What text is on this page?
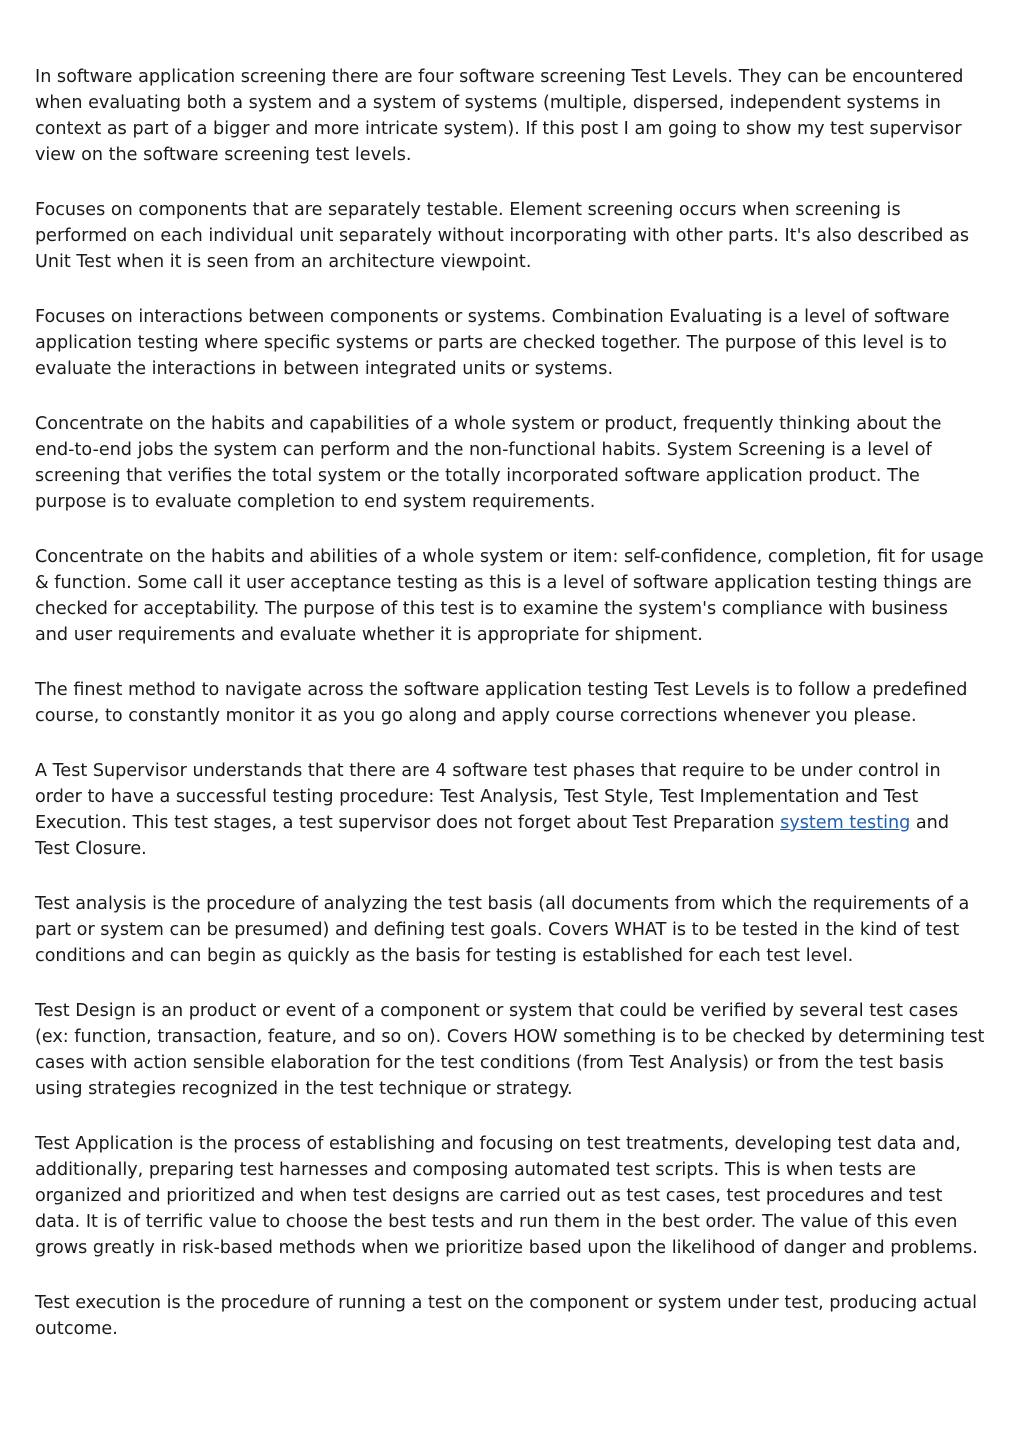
In software application screening there are four software screening Test Levels. They can be encountered when evaluating both a system and a system of systems (multiple, dispersed, independent systems in context as part of a bigger and more intricate system). If this post I am going to show my test supervisor view on the software screening test levels.

Focuses on components that are separately testable. Element screening occurs when screening is performed on each individual unit separately without incorporating with other parts. It's also described as Unit Test when it is seen from an architecture viewpoint.

Focuses on interactions between components or systems. Combination Evaluating is a level of software application testing where specific systems or parts are checked together. The purpose of this level is to evaluate the interactions in between integrated units or systems.

Concentrate on the habits and capabilities of a whole system or product, frequently thinking about the end-to-end jobs the system can perform and the non-functional habits. System Screening is a level of screening that verifies the total system or the totally incorporated software application product. The purpose is to evaluate completion to end system requirements.

Concentrate on the habits and abilities of a whole system or item: self-confidence, completion, fit for usage & function. Some call it user acceptance testing as this is a level of software application testing things are checked for acceptability. The purpose of this test is to examine the system's compliance with business and user requirements and evaluate whether it is appropriate for shipment.

The finest method to navigate across the software application testing Test Levels is to follow a predefined course, to constantly monitor it as you go along and apply course corrections whenever you please.

A Test Supervisor understands that there are 4 software test phases that require to be under control in order to have a successful testing procedure: Test Analysis, Test Style, Test Implementation and Test Execution. This test stages, a test supervisor does not forget about Test Preparation system testing and Test Closure.

Test analysis is the procedure of analyzing the test basis (all documents from which the requirements of a part or system can be presumed) and defining test goals. Covers WHAT is to be tested in the kind of test conditions and can begin as quickly as the basis for testing is established for each test level.

Test Design is an product or event of a component or system that could be verified by several test cases (ex: function, transaction, feature, and so on). Covers HOW something is to be checked by determining test cases with action sensible elaboration for the test conditions (from Test Analysis) or from the test basis using strategies recognized in the test technique or strategy.

Test Application is the process of establishing and focusing on test treatments, developing test data and, additionally, preparing test harnesses and composing automated test scripts. This is when tests are organized and prioritized and when test designs are carried out as test cases, test procedures and test data. It is of terrific value to choose the best tests and run them in the best order. The value of this even grows greatly in risk-based methods when we prioritize based upon the likelihood of danger and problems.

Test execution is the procedure of running a test on the component or system under test, producing actual outcome.
